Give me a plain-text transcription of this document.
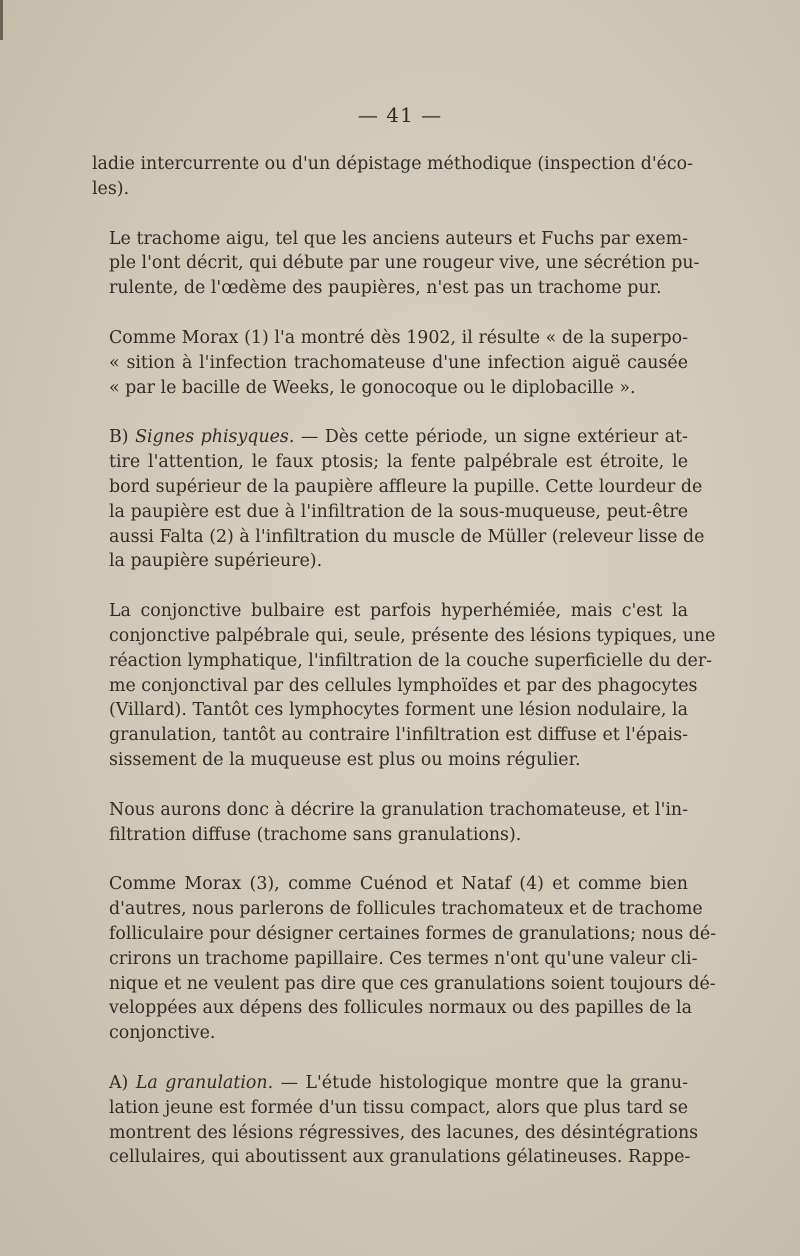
— 41 —

ladie intercurrente ou d'un dépistage méthodique (inspection d'éco-
les).

Le trachome aigu, tel que les anciens auteurs et Fuchs par exem-
ple l'ont décrit, qui débute par une rougeur vive, une sécrétion pu-
rulente, de l'œdème des paupières, n'est pas un trachome pur.

Comme Morax (1) l'a montré dès 1902, il résulte « de la superpo-
« sition à l'infection trachomateuse d'une infection aiguë causée
« par le bacille de Weeks, le gonocoque ou le diplobacille ».

B) Signes phisyques. — Dès cette période, un signe extérieur at-
tire l'attention, le faux ptosis; la fente palpébrale est étroite, le
bord supérieur de la paupière affleure la pupille. Cette lourdeur de
la paupière est due à l'infiltration de la sous-muqueuse, peut-être
aussi Falta (2) à l'infiltration du muscle de Müller (releveur lisse de
la paupière supérieure).

La conjonctive bulbaire est parfois hyperhémiée, mais c'est la
conjonctive palpébrale qui, seule, présente des lésions typiques, une
réaction lymphatique, l'infiltration de la couche superficielle du der-
me conjonctival par des cellules lymphoïdes et par des phagocytes
(Villard). Tantôt ces lymphocytes forment une lésion nodulaire, la
granulation, tantôt au contraire l'infiltration est diffuse et l'épais-
sissement de la muqueuse est plus ou moins régulier.

Nous aurons donc à décrire la granulation trachomateuse, et l'in-
filtration diffuse (trachome sans granulations).

Comme Morax (3), comme Cuénod et Nataf (4) et comme bien
d'autres, nous parlerons de follicules trachomateux et de trachome
folliculaire pour désigner certaines formes de granulations; nous dé-
crirons un trachome papillaire. Ces termes n'ont qu'une valeur cli-
nique et ne veulent pas dire que ces granulations soient toujours dé-
veloppées aux dépens des follicules normaux ou des papilles de la
conjonctive.

A) La granulation. — L'étude histologique montre que la granu-
lation jeune est formée d'un tissu compact, alors que plus tard se
montrent des lésions régressives, des lacunes, des désintégrations
cellulaires, qui aboutissent aux granulations gélatineuses. Rappe-
